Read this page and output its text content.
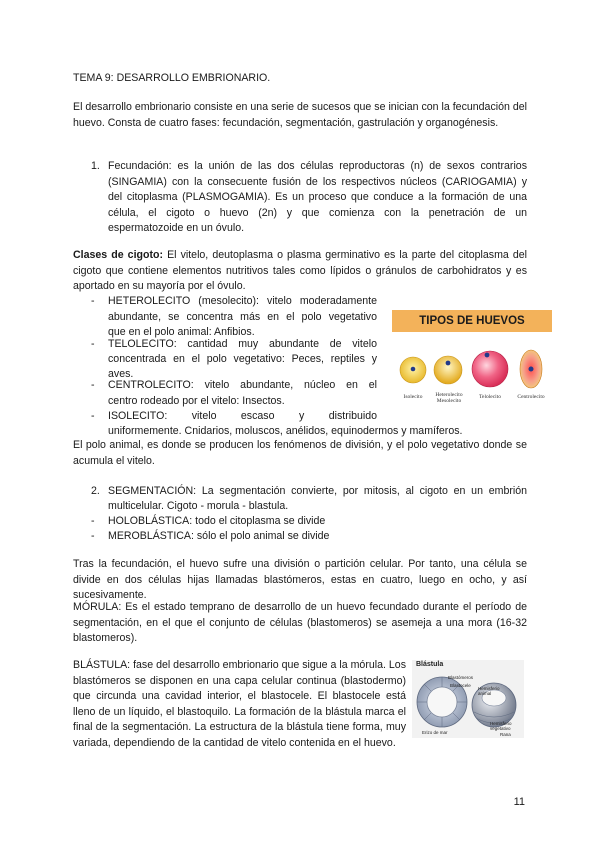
TEMA 9: DESARROLLO EMBRIONARIO.

El desarrollo embrionario consiste en una serie de sucesos que se inician con la fecundación del huevo. Consta de cuatro fases: fecundación, segmentación, gastrulación y organogénesis.

1. Fecundación: es la unión de las dos células reproductoras (n) de sexos contrarios
(SINGAMIA) con la consecuente fusión de los respectivos núcleos (CARIOGAMIA) y
del citoplasma (PLASMOGAMIA). Es un proceso que conduce a la formación de una
célula, el cigoto o huevo (2n) y que comienza con la penetración de un
espermatozoide en un óvulo.

Clases de cigoto: El vitelo, deutoplasma o plasma germinativo es la parte del citoplasma del cigoto que contiene elementos nutritivos tales como lípidos o gránulos de carbohidratos y es aportado en su mayoría por el óvulo.

- HETEROLECITO (mesolecito): vitelo moderadamente
abundante, se concentra más en el polo vegetativo
que en el polo animal: Anfibios.
- TELOLECITO: cantidad muy abundante de vitelo
concentrada en el polo vegetativo: Peces, reptiles y
aves.
- CENTROLECITO: vitelo abundante, núcleo en el
centro rodeado por el vitelo: Insectos.
- ISOLECITO: vitelo escaso y distribuido
uniformemente. Cnidarios, moluscos, anélidos, equinodermos y mamíferos.

El polo animal, es donde se producen los fenómenos de división, y el polo vegetativo donde se acumula el vitelo.

TIPOS DE HUEVOS
Isolecito	Heterolecito
Mesolecito
Telolecito	Centrolecito
2. SEGMENTACIÓN: La segmentación convierte, por mitosis, al cigoto en un embrión
multicelular. Cigoto - morula - blastula.
- HOLOBLÁSTICA: todo el citoplasma se divide
- MEROBLÁSTICA: sólo el polo animal se divide

Tras la fecundación, el huevo sufre una división o partición celular. Por tanto, una célula se divide en dos células hijas llamadas blastómeros, estas en cuatro, luego en ocho, y así sucesivamente.

MÓRULA: Es el estado temprano de desarrollo de un huevo fecundado durante el período de segmentación, en el que el conjunto de células (blastomeros) se asemeja a una mora (16-32 blastomeros).

BLÁSTULA: fase del desarrollo embrionario que sigue a la mórula. Los blastómeros se disponen en una capa celular continua (blastodermo) que circunda una cavidad interior, el blastocele. El blastocele está lleno de un líquido, el blastoquilo. La formación de la blástula marca el final de la segmentación. La estructura de la blástula tiene forma, muy variada, dependiendo de la cantidad de vitelo contenida en el huevo.

Blástula
Blastómeros
Blastocele
Hemisferio animal
Hemisferio vegetativo
Erizo de mar	Rana
11
